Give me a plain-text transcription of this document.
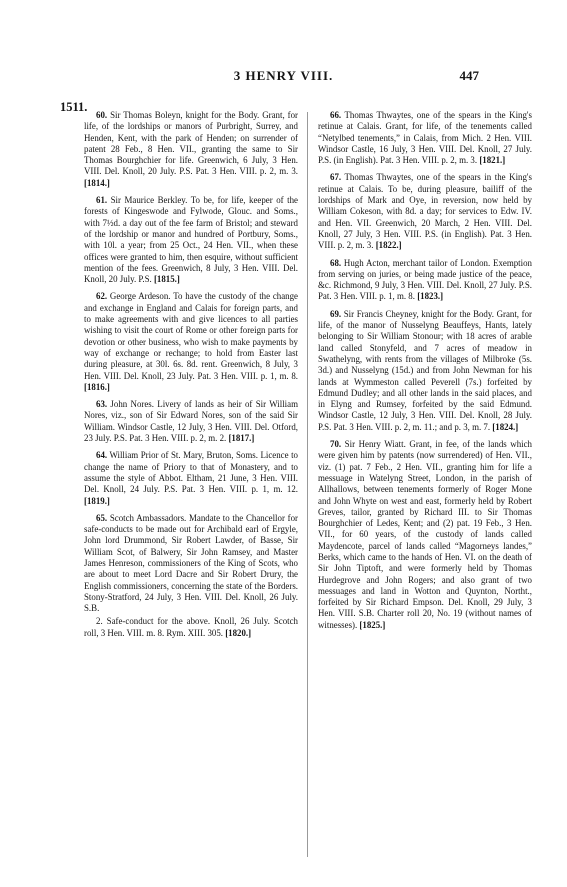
3 HENRY VIII.	447
1511.

60. Sir Thomas Boleyn, knight for the Body. Grant, for life, of the lordships or manors of Purbright, Surrey, and Henden, Kent, with the park of Henden; on surrender of patent 28 Feb., 8 Hen. VII., granting the same to Sir Thomas Bourghchier for life. Greenwich, 6 July, 3 Hen. VIII. Del. Knoll, 20 July. P.S. Pat. 3 Hen. VIII. p. 2, m. 3. [1814.]

61. Sir Maurice Berkley. To be, for life, keeper of the forests of Kingeswode and Fylwode, Glouc. and Soms., with 7½d. a day out of the fee farm of Bristol; and steward of the lordship or manor and hundred of Portbury, Soms., with 10l. a year; from 25 Oct., 24 Hen. VII., when these offices were granted to him, then esquire, without sufficient mention of the fees. Greenwich, 8 July, 3 Hen. VIII. Del. Knoll, 20 July. P.S. [1815.]

62. George Ardeson. To have the custody of the change and exchange in England and Calais for foreign parts, and to make agreements with and give licences to all parties wishing to visit the court of Rome or other foreign parts for devotion or other business, who wish to make payments by way of exchange or rechange; to hold from Easter last during pleasure, at 30l. 6s. 8d. rent. Greenwich, 8 July, 3 Hen. VIII. Del. Knoll, 23 July. Pat. 3 Hen. VIII. p. 1, m. 8. [1816.]

63. John Nores. Livery of lands as heir of Sir William Nores, viz., son of Sir Edward Nores, son of the said Sir William. Windsor Castle, 12 July, 3 Hen. VIII. Del. Otford, 23 July. P.S. Pat. 3 Hen. VIII. p. 2, m. 2. [1817.]

64. William Prior of St. Mary, Bruton, Soms. Licence to change the name of Priory to that of Monastery, and to assume the style of Abbot. Eltham, 21 June, 3 Hen. VIII. Del. Knoll, 24 July. P.S. Pat. 3 Hen. VIII. p. 1, m. 12. [1819.]

65. Scotch Ambassadors. Mandate to the Chancellor for safe-conducts to be made out for Archibald earl of Ergyle, John lord Drummond, Sir Robert Lawder, of Basse, Sir William Scot, of Balwery, Sir John Ramsey, and Master James Henreson, commissioners of the King of Scots, who are about to meet Lord Dacre and Sir Robert Drury, the English commissioners, concerning the state of the Borders. Stony-Stratford, 24 July, 3 Hen. VIII. Del. Knoll, 26 July. S.B.

2. Safe-conduct for the above. Knoll, 26 July. Scotch roll, 3 Hen. VIII. m. 8. Rym. XIII. 305. [1820.]

66. Thomas Thwaytes, one of the spears in the King's retinue at Calais. Grant, for life, of the tenements called “Netylbed tenements,” in Calais, from Mich. 2 Hen. VIII. Windsor Castle, 16 July, 3 Hen. VIII. Del. Knoll, 27 July. P.S. (in English). Pat. 3 Hen. VIII. p. 2, m. 3. [1821.]

67. Thomas Thwaytes, one of the spears in the King's retinue at Calais. To be, during pleasure, bailiff of the lordships of Mark and Oye, in reversion, now held by William Cokeson, with 8d. a day; for services to Edw. IV. and Hen. VII. Greenwich, 20 March, 2 Hen. VIII. Del. Knoll, 27 July, 3 Hen. VIII. P.S. (in English). Pat. 3 Hen. VIII. p. 2, m. 3. [1822.]

68. Hugh Acton, merchant tailor of London. Exemption from serving on juries, or being made justice of the peace, &c. Richmond, 9 July, 3 Hen. VIII. Del. Knoll, 27 July. P.S. Pat. 3 Hen. VIII. p. 1, m. 8. [1823.]

69. Sir Francis Cheyney, knight for the Body. Grant, for life, of the manor of Nusselyng Beauffeys, Hants, lately belonging to Sir William Stonour; with 18 acres of arable land called Stonyfeld, and 7 acres of meadow in Swathelyng, with rents from the villages of Milbroke (5s. 3d.) and Nusselyng (15d.) and from John Newman for his lands at Wymmeston called Peverell (7s.) forfeited by Edmund Dudley; and all other lands in the said places, and in Elyng and Rumsey, forfeited by the said Edmund. Windsor Castle, 12 July, 3 Hen. VIII. Del. Knoll, 28 July. P.S. Pat. 3 Hen. VIII. p. 2, m. 11.; and p. 3, m. 7. [1824.]

70. Sir Henry Wiatt. Grant, in fee, of the lands which were given him by patents (now surrendered) of Hen. VII., viz. (1) pat. 7 Feb., 2 Hen. VII., granting him for life a messuage in Watelyng Street, London, in the parish of Allhallows, between tenements formerly of Roger Mone and John Whyte on west and east, formerly held by Robert Greves, tailor, granted by Richard III. to Sir Thomas Bourghchier of Ledes, Kent; and (2) pat. 19 Feb., 3 Hen. VII., for 60 years, of the custody of lands called Maydencote, parcel of lands called “Magorneys landes,” Berks, which came to the hands of Hen. VI. on the death of Sir John Tiptoft, and were formerly held by Thomas Hurdegrove and John Rogers; and also grant of two messuages and land in Wotton and Quynton, Northt., forfeited by Sir Richard Empson. Del. Knoll, 29 July, 3 Hen. VIII. S.B. Charter roll 20, No. 19 (without names of witnesses). [1825.]
